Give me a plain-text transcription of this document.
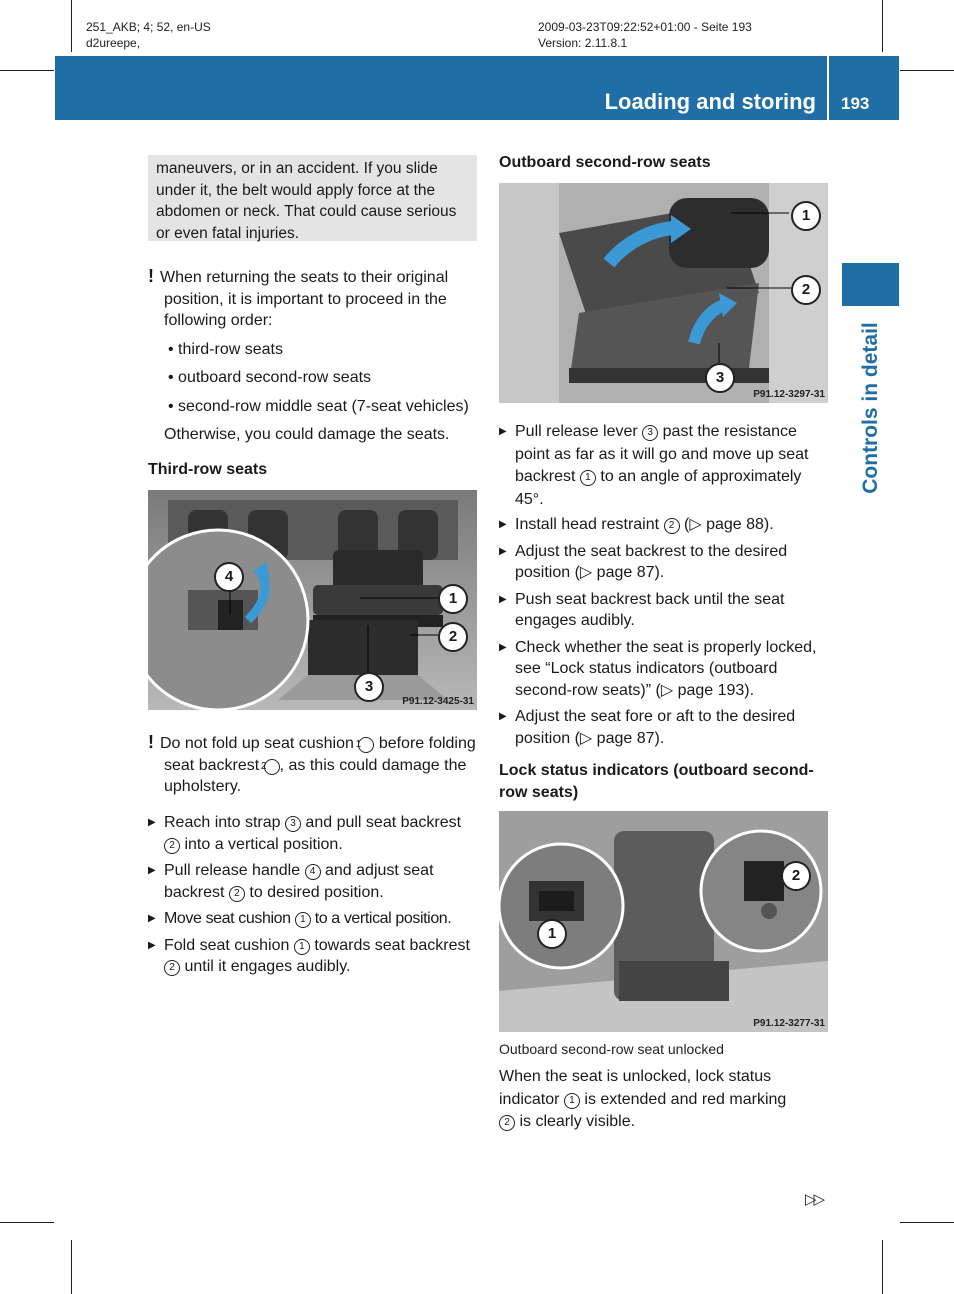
251_AKB; 4; 52, en-US
d2ureepe,
2009-03-23T09:22:52+01:00 - Seite 193
Version: 2.11.8.1
Loading and storing 193
Controls in detail
maneuvers, or in an accident. If you slide under it, the belt would apply force at the abdomen or neck. That could cause serious or even fatal injuries.
! When returning the seats to their original position, it is important to proceed in the following order:
• third-row seats
• outboard second-row seats
• second-row middle seat (7-seat vehicles)
Otherwise, you could damage the seats.
Third-row seats
4
1
2
3
P91.12-3425-31
! Do not fold up seat cushion 1 before folding seat backrest 2 , as this could damage the upholstery.
▶ Reach into strap 3 and pull seat backrest 2 into a vertical position.
▶ Pull release handle 4 and adjust seat backrest 2 to desired position.
▶ Move seat cushion 1 to a vertical position.
▶ Fold seat cushion 1 towards seat backrest 2 until it engages audibly.
Outboard second-row seats
1
2
3
P91.12-3297-31
▶ Pull release lever 3 past the resistance point as far as it will go and move up seat backrest 1 to an angle of approximately 45°.
▶ Install head restraint 2 (▷ page 88).
▶ Adjust the seat backrest to the desired position (▷ page 87).
▶ Push seat backrest back until the seat engages audibly.
▶ Check whether the seat is properly locked, see “Lock status indicators (outboard second-row seats)” (▷ page 193).
▶ Adjust the seat fore or aft to the desired position (▷ page 87).
Lock status indicators (outboard second-row seats)
1
2
P91.12-3277-31
Outboard second-row seat unlocked
When the seat is unlocked, lock status indicator 1 is extended and red marking 2 is clearly visible.
▷▷
